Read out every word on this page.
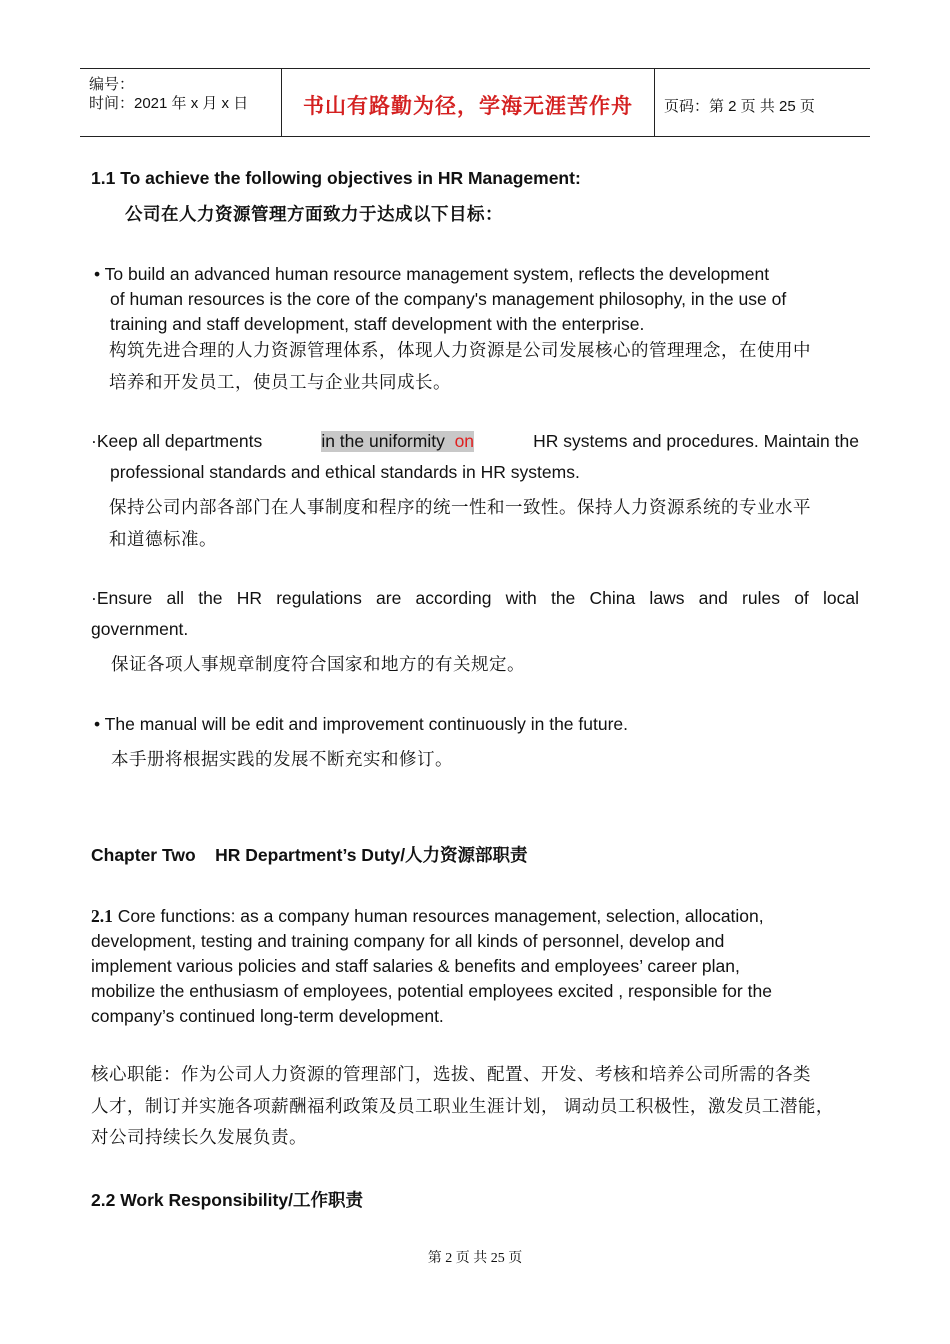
编号：
时间：2021 年 x 月 x 日	书山有路勤为径，学海无涯苦作舟	页码：第 2 页 共 25 页
1.1 To achieve the following objectives in HR Management:
公司在人力资源管理方面致力于达成以下目标：
• To build an advanced human resource management system, reflects the development
of human resources is the core of the company's management philosophy, in the use of
training and staff development, staff development with the enterprise.
构筑先进合理的人力资源管理体系，体现人力资源是公司发展核心的管理理念，在使用中
培养和开发员工，使员工与企业共同成长。
·Keep all departments	in the uniformity on	HR systems and procedures. Maintain the
professional standards and ethical standards in HR systems.
保持公司内部各部门在人事制度和程序的统一性和一致性。保持人力资源系统的专业水平
和道德标准。
·Ensure all the HR regulations are according with the China laws and rules of local
government.
保证各项人事规章制度符合国家和地方的有关规定。
• The manual will be edit and improvement continuously in the future.
本手册将根据实践的发展不断充实和修订。
Chapter Two    HR Department’s Duty/人力资源部职责
2.1 Core functions: as a company human resources management, selection, allocation,
development, testing and training company for all kinds of personnel, develop and
implement various policies and staff salaries & benefits and employees’ career plan,
mobilize the enthusiasm of employees, potential employees excited , responsible for the
company’s continued long-term development.
核心职能：作为公司人力资源的管理部门，选拔、配置、开发、考核和培养公司所需的各类
人才，制订并实施各项薪酬福利政策及员工职业生涯计划， 调动员工积极性，激发员工潜能，
对公司持续长久发展负责。
2.2 Work Responsibility/工作职责
第 2 页 共 25 页
